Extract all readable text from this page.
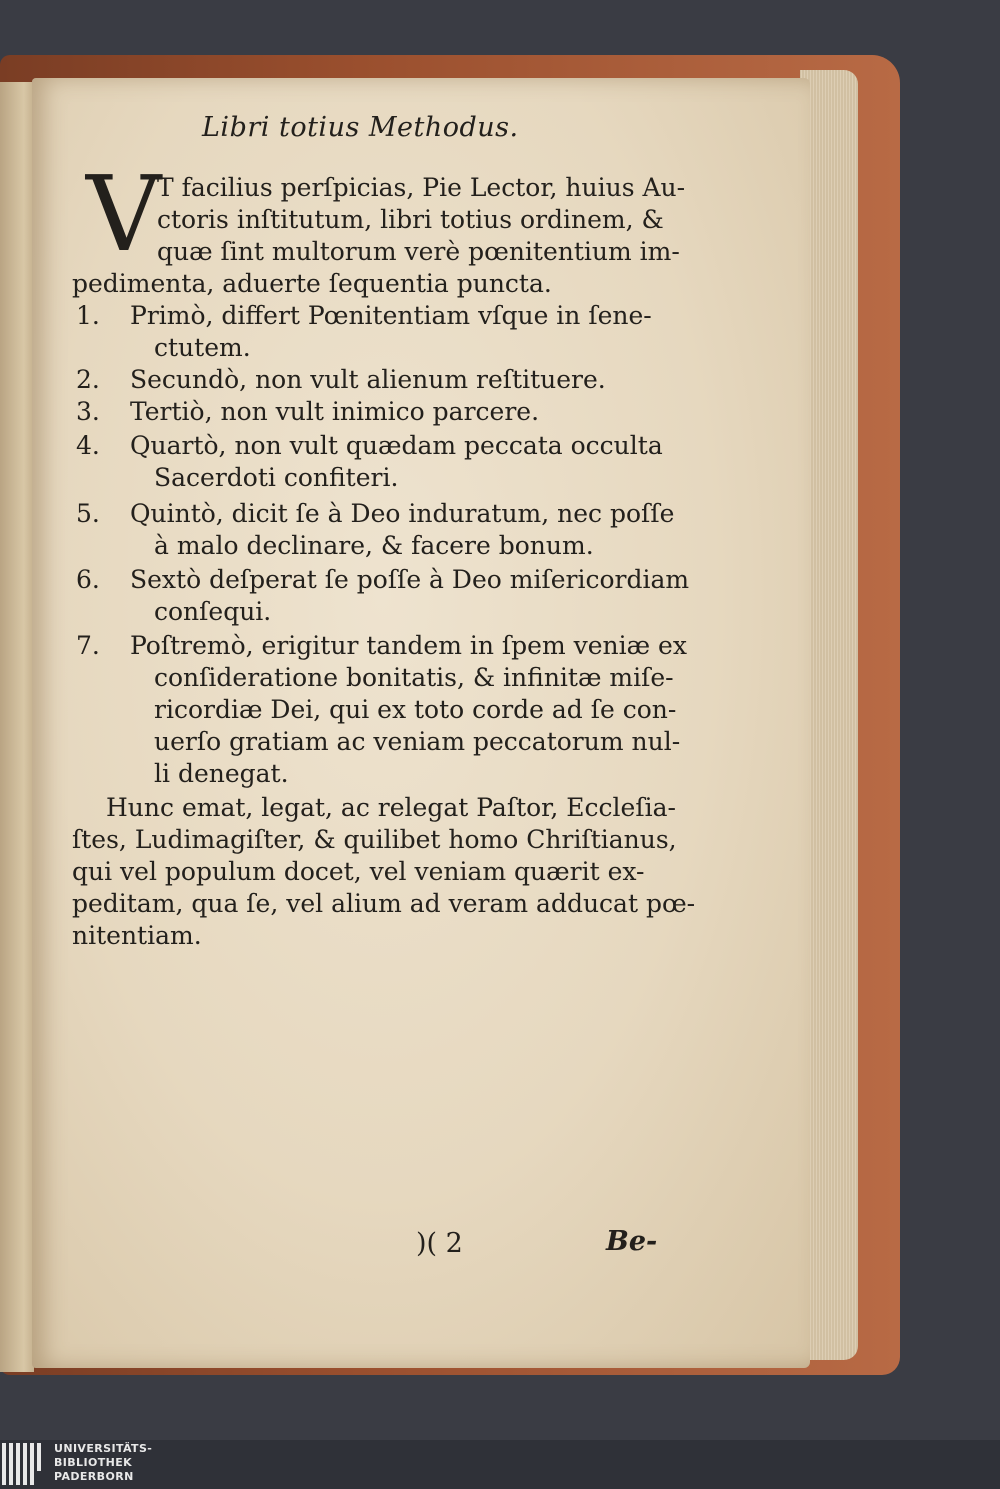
Libri totius Methodus.
V
T facilius perſpicias, Pie Lector, huius Au-
ctoris inſtitutum, libri totius ordinem, &
quæ ſint multorum verè pœnitentium im-
pedimenta, aduerte ſequentia puncta.
1. Primò, differt Pœnitentiam vſque in ſene-
ctutem.
2. Secundò, non vult alienum reſtituere.
3. Tertiò, non vult inimico parcere.
4. Quartò, non vult quædam peccata occulta
Sacerdoti confiteri.
5. Quintò, dicit ſe à Deo induratum, nec poſſe
à malo declinare, & facere bonum.
6. Sextò deſperat ſe poſſe à Deo miſericordiam
conſequi.
7. Poſtremò, erigitur tandem in ſpem veniæ ex
conſideratione bonitatis, & infinitæ miſe-
ricordiæ Dei, qui ex toto corde ad ſe con-
uerſo gratiam ac veniam peccatorum nul-
li denegat.
Hunc emat, legat, ac relegat Paſtor, Eccleſia-
ſtes, Ludimagiſter, & quilibet homo Chriſtianus,
qui vel populum docet, vel veniam quærit ex-
peditam, qua ſe, vel alium ad veram adducat pœ-
nitentiam.
)( 2	Be-
UNIVERSITÄTS-
BIBLIOTHEK
PADERBORN
